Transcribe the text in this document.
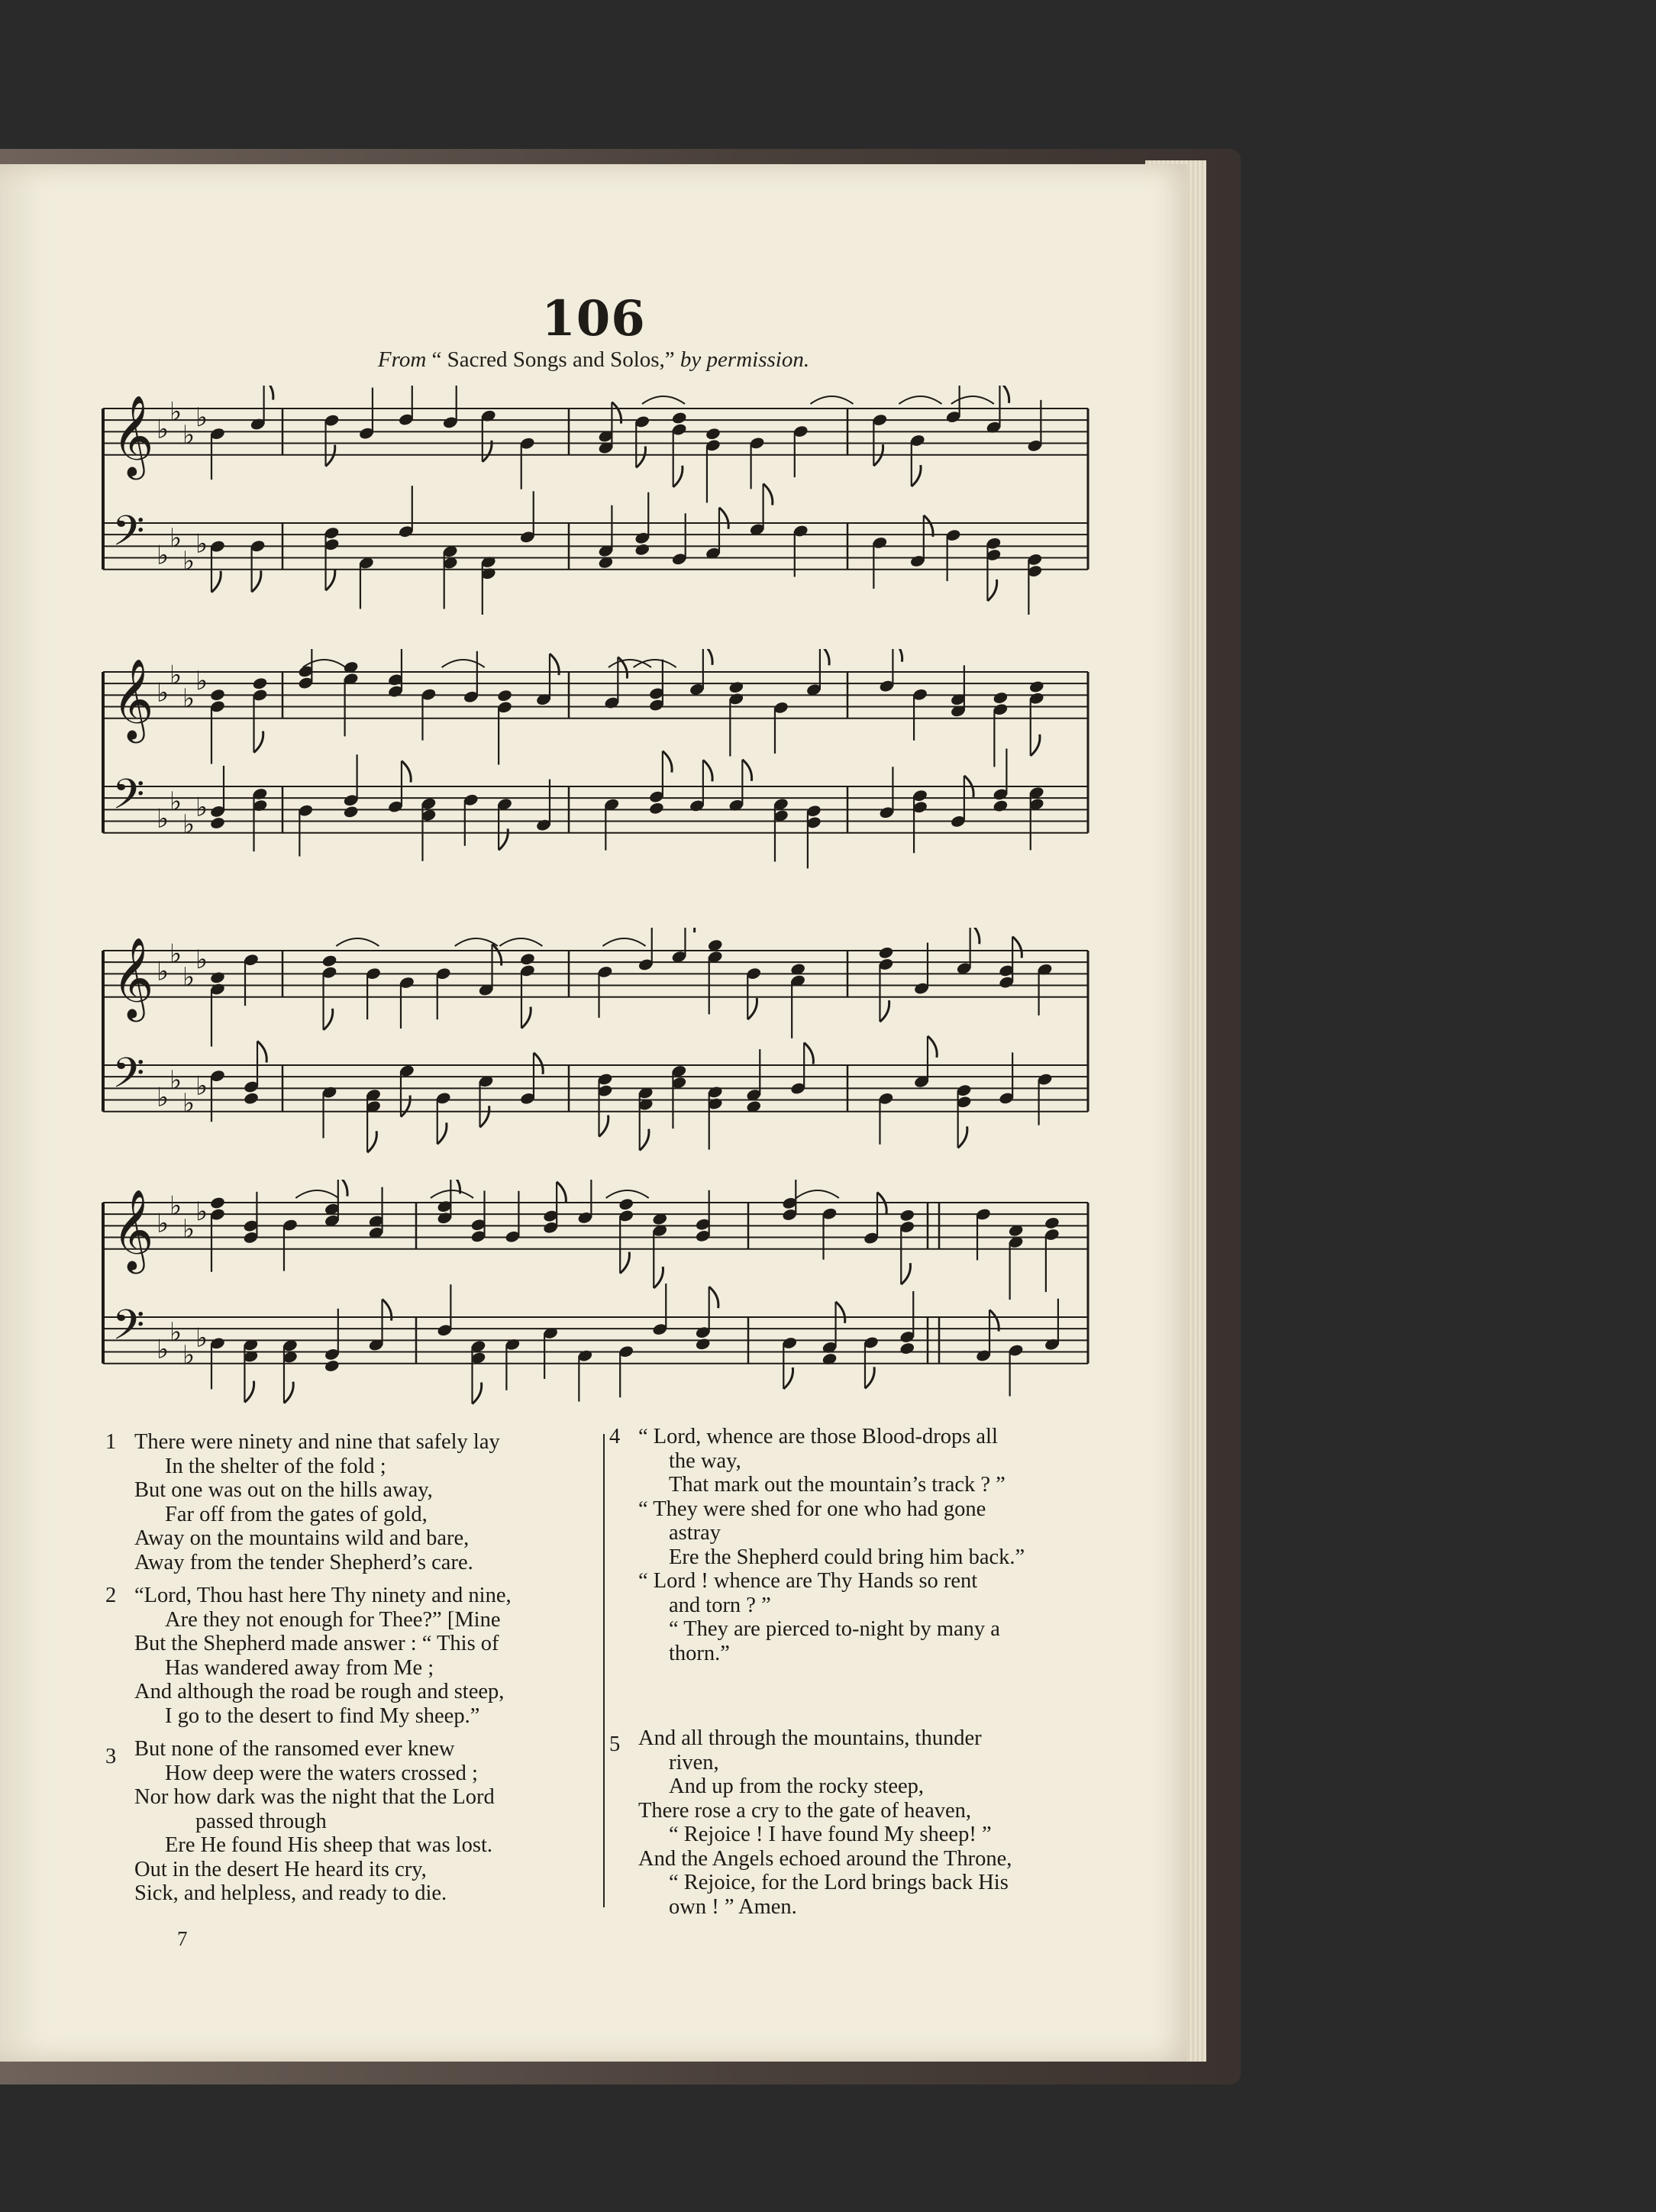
106
From “ Sacred Songs and Solos,” by permission.
𝄞
𝄢
♭
♭
♭
♭
♭
♭
♭
♭
𝄞
𝄢
♭
♭
♭
♭
♭
♭
♭
♭
𝄞
𝄢
♭
♭
♭
♭
♭
♭
♭
♭
𝄞
𝄢
♭
♭
♭
♭
♭
♭
♭
♭
1 There were ninety and nine that safely lay
In the shelter of the fold ;
But one was out on the hills away,
Far off from the gates of gold,
Away on the mountains wild and bare,
Away from the tender Shepherd’s care.
2 “Lord, Thou hast here Thy ninety and nine,
Are they not enough for Thee?” [Mine
But the Shepherd made answer : “ This of
Has wandered away from Me ;
And although the road be rough and steep,
I go to the desert to find My sheep.”
3 But none of the ransomed ever knew
How deep were the waters crossed ;
Nor how dark was the night that the Lord
passed through
Ere He found His sheep that was lost.
Out in the desert He heard its cry,
Sick, and helpless, and ready to die.
4 “ Lord, whence are those Blood-drops all
the way,
That mark out the mountain’s track ? ”
“ They were shed for one who had gone
astray
Ere the Shepherd could bring him back.”
“ Lord ! whence are Thy Hands so rent
and torn ? ”
“ They are pierced to-night by many a
thorn.”
5 And all through the mountains, thunder
riven,
And up from the rocky steep,
There rose a cry to the gate of heaven,
“ Rejoice ! I have found My sheep! ”
And the Angels echoed around the Throne,
“ Rejoice, for the Lord brings back His
own ! ” Amen.
7
